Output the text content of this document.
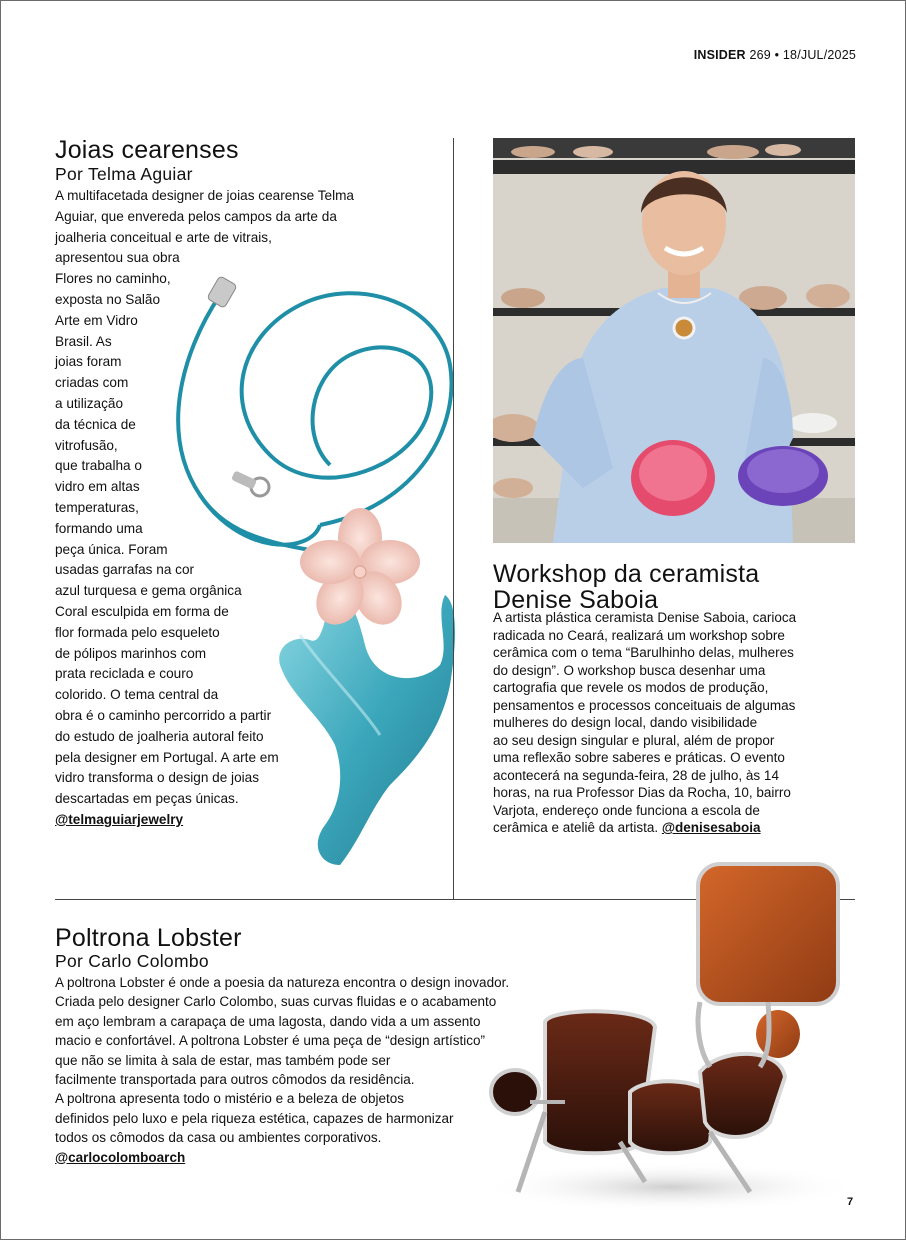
INSIDER 269 • 18/JUL/2025
Joias cearenses

Por Telma Aguiar

A multifacetada designer de joias cearense Telma
Aguiar, que envereda pelos campos da arte da
joalheria conceitual e arte de vitrais,
apresentou sua obra
Flores no caminho,
exposta no Salão
Arte em Vidro
Brasil. As
joias foram
criadas com
a utilização
da técnica de
vitrofusão,
que trabalha o
vidro em altas
temperaturas,
formando uma
peça única. Foram
usadas garrafas na cor
azul turquesa e gema orgânica
Coral esculpida em forma de
flor formada pelo esqueleto
de pólipos marinhos com
prata reciclada e couro
colorido. O tema central da
obra é o caminho percorrido a partir
do estudo de joalheria autoral feito
pela designer em Portugal. A arte em
vidro transforma o design de joias
descartadas em peças únicas.
@telmaguiarjewelry
Workshop da ceramista
Denise Saboia
A artista plástica ceramista Denise Saboia, carioca
radicada no Ceará, realizará um workshop sobre
cerâmica com o tema “Barulhinho delas, mulheres
do design”. O workshop busca desenhar uma
cartografia que revele os modos de produção,
pensamentos e processos conceituais de algumas
mulheres do design local, dando visibilidade
ao seu design singular e plural, além de propor
uma reflexão sobre saberes e práticas. O evento
acontecerá na segunda-feira, 28 de julho, às 14
horas, na rua Professor Dias da Rocha, 10, bairro
Varjota, endereço onde funciona a escola de
cerâmica e ateliê da artista. @denisesaboia
Poltrona Lobster

Por Carlo Colombo

A poltrona Lobster é onde a poesia da natureza encontra o design inovador.
Criada pelo designer Carlo Colombo, suas curvas fluidas e o acabamento
em aço lembram a carapaça de uma lagosta, dando vida a um assento
macio e confortável. A poltrona Lobster é uma peça de “design artístico”
que não se limita à sala de estar, mas também pode ser
facilmente transportada para outros cômodos da residência.
A poltrona apresenta todo o mistério e a beleza de objetos
definidos pelo luxo e pela riqueza estética, capazes de harmonizar
todos os cômodos da casa ou ambientes corporativos.
@carlocolomboarch
7
